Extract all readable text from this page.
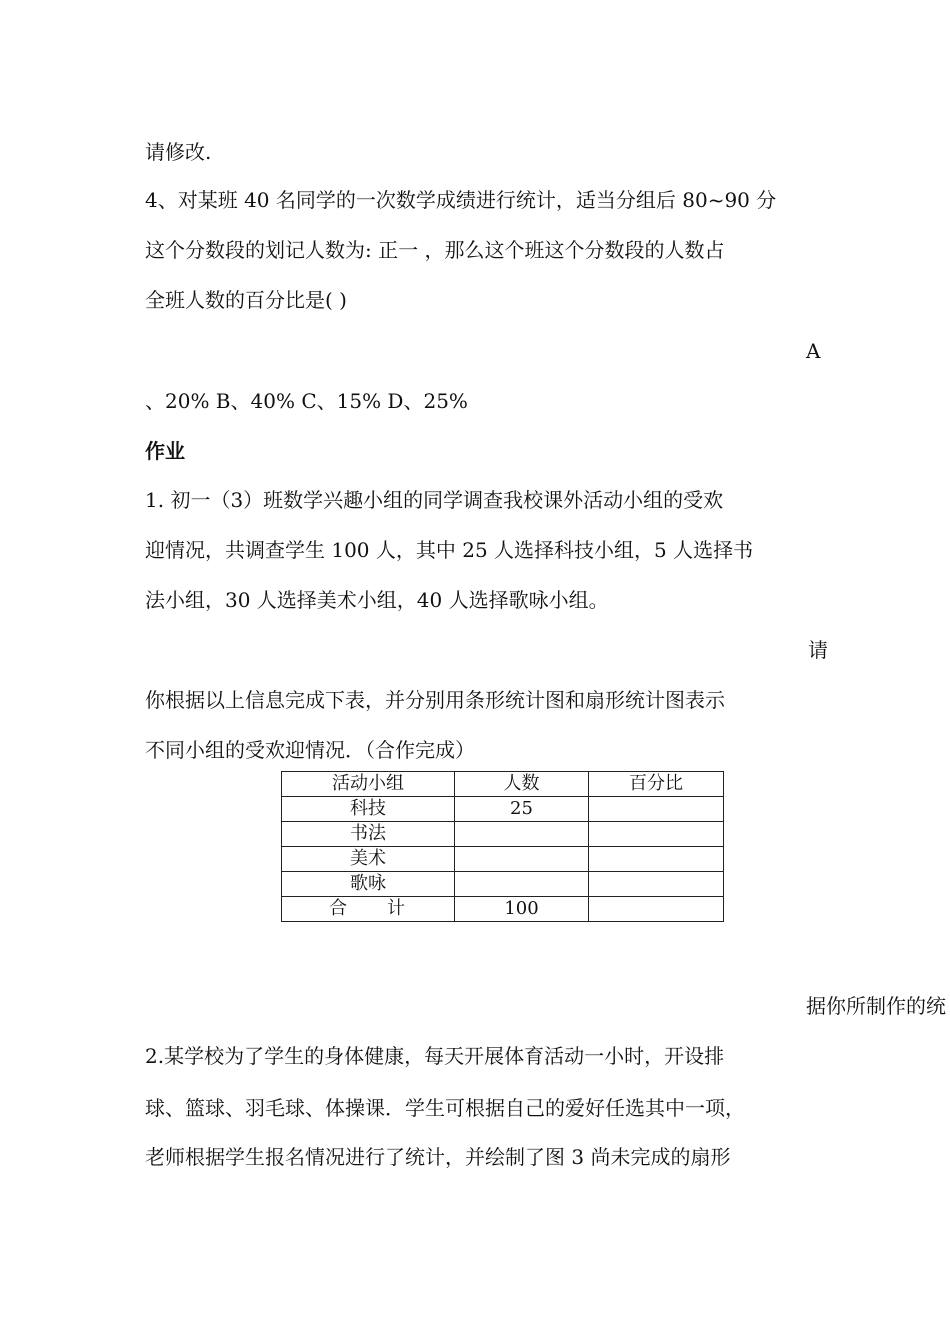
请修改.
4、对某班 40 名同学的一次数学成绩进行统计，适当分组后 80~90 分
这个分数段的划记人数为: 正一 ，那么这个班这个分数段的人数占
全班人数的百分比是( )
A
、20% B、40% C、15% D、25%
作业
1. 初一（3）班数学兴趣小组的同学调查我校课外活动小组的受欢
迎情况，共调查学生 100 人，其中 25 人选择科技小组，5 人选择书
法小组，30 人选择美术小组，40 人选择歌咏小组。
请
你根据以上信息完成下表，并分别用条形统计图和扇形统计图表示
不同小组的受欢迎情况．（合作完成）
活动小组	人数	百分比
科技	25	
书法		
美术		
歌咏		
合计	100	
据你所制作的统
2.某学校为了学生的身体健康，每天开展体育活动一小时，开设排
球、篮球、羽毛球、体操课．学生可根据自己的爱好任选其中一项，
老师根据学生报名情况进行了统计，并绘制了图 3 尚未完成的扇形
